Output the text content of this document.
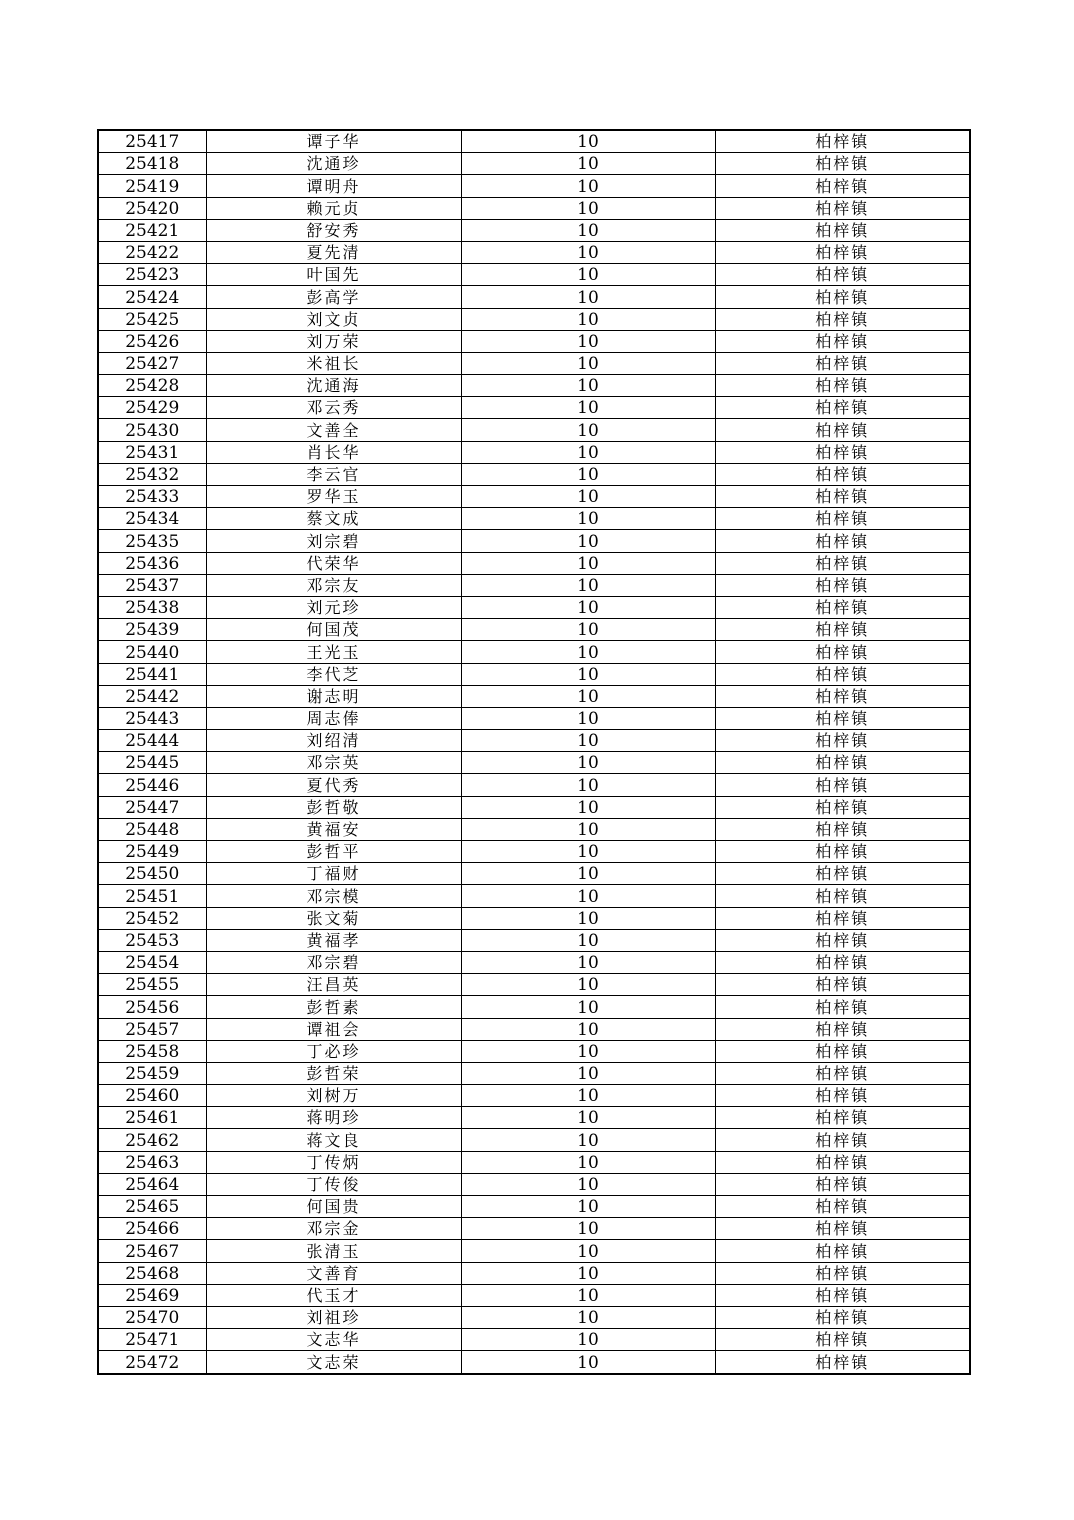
25417	谭子华	10	柏梓镇
25418	沈通珍	10	柏梓镇
25419	谭明舟	10	柏梓镇
25420	赖元贞	10	柏梓镇
25421	舒安秀	10	柏梓镇
25422	夏先清	10	柏梓镇
25423	叶国先	10	柏梓镇
25424	彭高学	10	柏梓镇
25425	刘文贞	10	柏梓镇
25426	刘万荣	10	柏梓镇
25427	米祖长	10	柏梓镇
25428	沈通海	10	柏梓镇
25429	邓云秀	10	柏梓镇
25430	文善全	10	柏梓镇
25431	肖长华	10	柏梓镇
25432	李云官	10	柏梓镇
25433	罗华玉	10	柏梓镇
25434	蔡文成	10	柏梓镇
25435	刘宗碧	10	柏梓镇
25436	代荣华	10	柏梓镇
25437	邓宗友	10	柏梓镇
25438	刘元珍	10	柏梓镇
25439	何国茂	10	柏梓镇
25440	王光玉	10	柏梓镇
25441	李代芝	10	柏梓镇
25442	谢志明	10	柏梓镇
25443	周志俸	10	柏梓镇
25444	刘绍清	10	柏梓镇
25445	邓宗英	10	柏梓镇
25446	夏代秀	10	柏梓镇
25447	彭哲敬	10	柏梓镇
25448	黄福安	10	柏梓镇
25449	彭哲平	10	柏梓镇
25450	丁福财	10	柏梓镇
25451	邓宗模	10	柏梓镇
25452	张文菊	10	柏梓镇
25453	黄福孝	10	柏梓镇
25454	邓宗碧	10	柏梓镇
25455	汪昌英	10	柏梓镇
25456	彭哲素	10	柏梓镇
25457	谭祖会	10	柏梓镇
25458	丁必珍	10	柏梓镇
25459	彭哲荣	10	柏梓镇
25460	刘树万	10	柏梓镇
25461	蒋明珍	10	柏梓镇
25462	蒋文良	10	柏梓镇
25463	丁传炳	10	柏梓镇
25464	丁传俊	10	柏梓镇
25465	何国贵	10	柏梓镇
25466	邓宗金	10	柏梓镇
25467	张清玉	10	柏梓镇
25468	文善育	10	柏梓镇
25469	代玉才	10	柏梓镇
25470	刘祖珍	10	柏梓镇
25471	文志华	10	柏梓镇
25472	文志荣	10	柏梓镇
